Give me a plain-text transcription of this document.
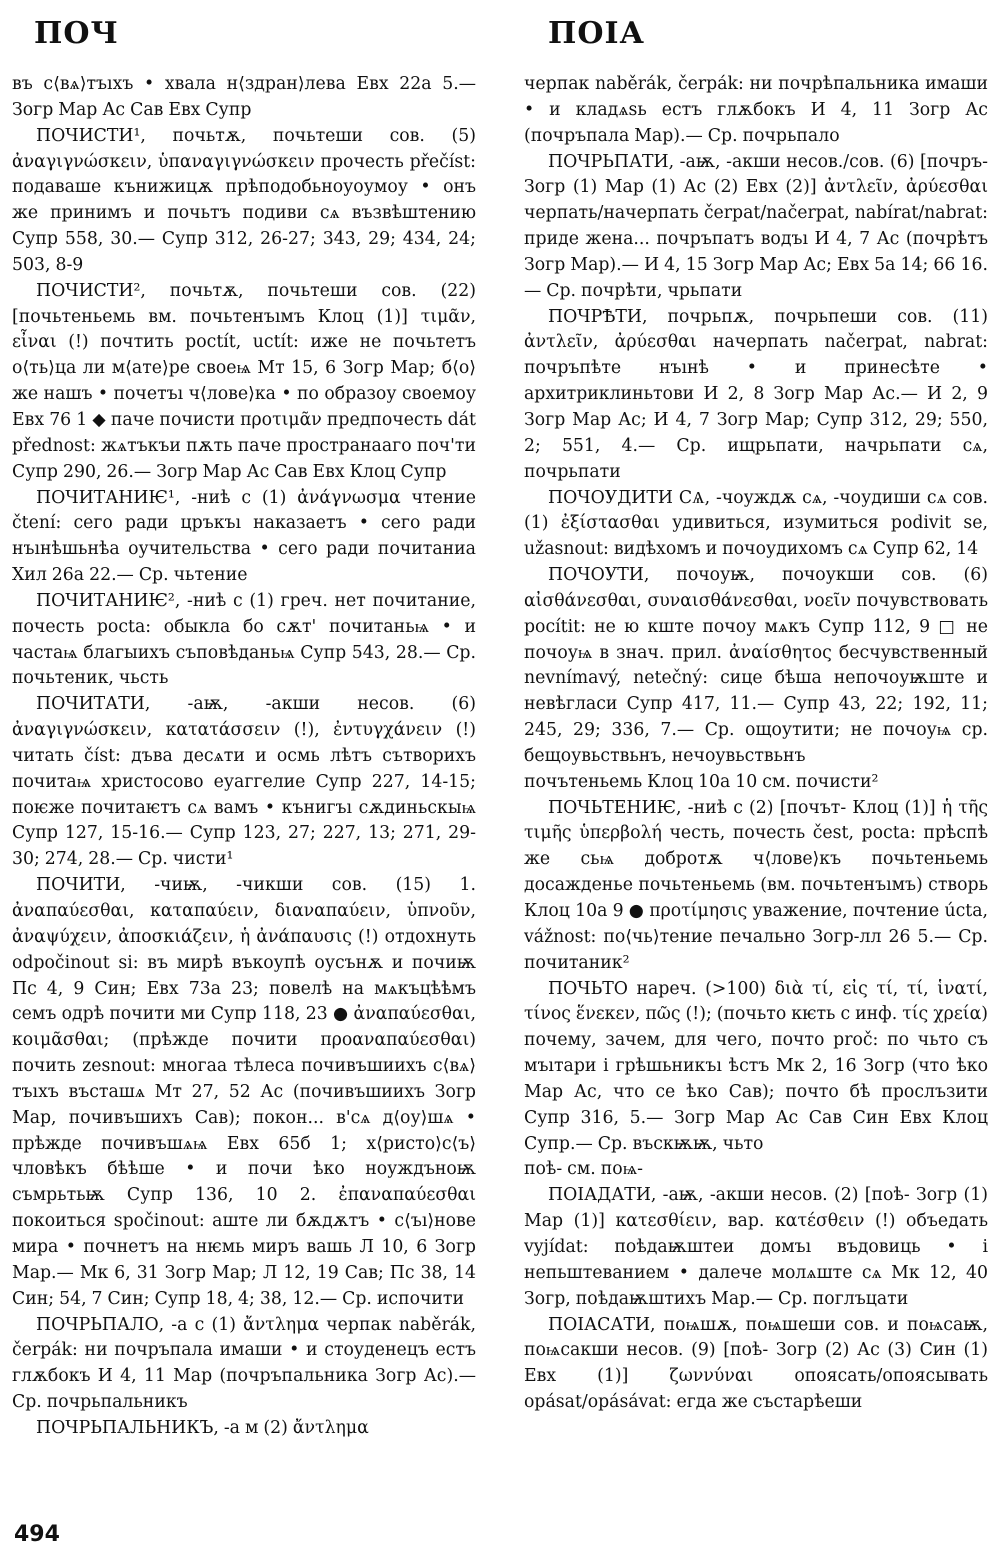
ПОЧ	ПОІА

въ с⟨вѧ⟩тъıхъ • хвала н⟨здран⟩лева Евх 22а 5.— Зогр Мар Ас Сав Евх Супр

ПОЧИСТИ¹, почьтѫ, почьтеши сов. (5) ἀναγιγνώσκειν, ὑπαναγιγνώσκειν прочесть přečíst: подаваше кънижицѫ прѣподобьноуоумоу • онъ же принимъ и почьтъ подиви сѧ възвѣштению Супр 558, 30.— Супр 312, 26-27; 343, 29; 434, 24; 503, 8-9

ПОЧИСТИ², почьтѫ, почьтеши сов. (22) [почьтеньемь вм. почьтенъıмъ Клоц (1)] τιμᾶν, εἶναι (!) почтить poctít, uctít: иже не почьтетъ о⟨ть⟩ца ли м⟨ате⟩ре своеѩ Мт 15, 6 Зогр Мар; б⟨о⟩же нашъ • почетъı ч⟨лове⟩ка • по образоу своемоу Евх 76 1 ◆ паче почисти προτιμᾶν предпочесть dát přednost: жѧтъкъи пѫть паче пространааго поч'ти Супр 290, 26.— Зогр Мар Ас Сав Евх Клоц Супр

ПОЧИТАНИѤ¹, -ниѣ с (1) ἀνάγνωσμα чтение čtení: сего ради цръкъı наказаетъ • сего ради нъıнѣшьнѣа оучительства • сего ради почитаниа Хил 26а 22.— Ср. чьтение

ПОЧИТАНИѤ², -ниѣ с (1) греч. нет почитание, почесть pocta: обыкла бо сѫт' почитаньѩ • и частаѩ благыихъ съповѣданьѩ Супр 543, 28.— Ср. почьтеник, чьсть

ПОЧИТАТИ, -аѭ, -акши несов. (6) ἀναγιγνώσκειν, κατατάσσειν (!), ἐντυγχάνειν (!) читать číst: дъва десѧти и осмь лѣтъ сътворихъ почитаѩ христосово еуаггелие Супр 227, 14-15; поѥже почитаѥтъ сѧ вамъ • кънигъı сѫдиньскыѩ Супр 127, 15-16.— Супр 123, 27; 227, 13; 271, 29-30; 274, 28.— Ср. чисти¹

ПОЧИТИ, -чиѭ, -чикши сов. (15) 1. ἀναπαύεσθαι, καταπαύειν, διαναπαύειν, ὑπνοῦν, ἀναψύχειν, ἀποσκιάζειν, ἡ ἀνάπαυσις (!) отдохнуть odpočinout si: въ мирѣ въкоупѣ оусънѫ и почиѭ Пс 4, 9 Син; Евх 73а 23; повелѣ на мѧкъцѣѣмъ семъ одрѣ почити ми Супр 118, 23 ● ἀναπαύεσθαι, κοιμᾶσθαι; (прѣжде почити προαναπαύεσθαι) почить zesnout: многаа тѣлеса почивъшиихъ с⟨вѧ⟩тъıхъ въсташѧ Мт 27, 52 Ас (почивъшиихъ Зогр Мар, почивъшихъ Сав); покон... в'сѧ д⟨оу⟩шѧ • прѣжде почивъшѧѩ Евх 65б 1; х⟨ристо⟩с⟨ъ⟩ чловѣкъ бѣѣше • и почи ѣко ноуждъноѭ съмрьтьѭ Супр 136, 10 2. ἐπαναπαύεσθαι покоиться spočinout: аште ли бѫдѫтъ • с⟨ъı⟩нове мира • почнетъ на нѥмь миръ вашь Л 10, 6 Зогр Мар.— Мк 6, 31 Зогр Мар; Л 12, 19 Сав; Пс 38, 14 Син; 54, 7 Син; Супр 18, 4; 38, 12.— Ср. испочити

ПОЧРЬПАЛО, -а с (1) ἄντλημα черпак naběrák, čerpák: ни почръпала имаши • и стоуденецъ естъ глѫбокъ И 4, 11 Мар (почръпальника Зогр Ас).— Ср. почрьпальникъ

ПОЧРЬПАЛЬНИКЪ, -а м (2) ἄντλημα

черпак naběrák, čerpák: ни почрѣпальника имаши • и кладѧѕь естъ глѫбокъ И 4, 11 Зогр Ас (почръпала Мар).— Ср. почрьпало

ПОЧРЬПАТИ, -аѭ, -акши несов./сов. (6) [почръ- Зогр (1) Мар (1) Ас (2) Евх (2)] ἀντλεῖν, ἀρύεσθαι черпать/начерпать čerpat/načerpat, nabírat/nabrat: приде жена... почръпатъ водъı И 4, 7 Ас (почрѣтъ Зогр Мар).— И 4, 15 Зогр Мар Ас; Евх 5а 14; 66 16.— Ср. почрѣти, чрьпати

ПОЧРѢТИ, почрьпѫ, почрьпеши сов. (11) ἀντλεῖν, ἀρύεσθαι начерпать načerpat, nabrat: почръпѣте нъıнѣ • и принесѣте • архитриклиньтови И 2, 8 Зогр Мар Ас.— И 2, 9 Зогр Мар Ас; И 4, 7 Зогр Мар; Супр 312, 29; 550, 2; 551, 4.— Ср. ищрьпати, начрьпати сѧ, почрьпати

ПОЧОУДИТИ СѦ, -чоуждѫ сѧ, -чоудиши сѧ сов. (1) ἐξίστασθαι удивиться, изумиться podivit se, užasnout: видѣхомъ и почоудихомъ сѧ Супр 62, 14

ПОЧОУТИ, почоуѭ, почоукши сов. (6) αἰσθάνεσθαι, συναισθάνεσθαι, νοεῖν почувствовать pocítit: не ю кште почоу мѧкъ Супр 112, 9 □ не почоуѩ в знач. прил. ἀναίσθητος бесчувственный nevnímavý, netečný: сице бѣша непочоуѭште и невѣгласи Супр 417, 11.— Супр 43, 22; 192, 11; 245, 29; 336, 7.— Ср. ощоутити; не почоуѩ ср. бещоувьствьнъ, нечоувьствьнъ

почътеньемь Клоц 10а 10 см. почисти²

ПОЧЬТЕНИѤ, -ниѣ с (2) [почът- Клоц (1)] ἡ τῆς τιμῆς ὑπερβολή честь, почесть čest, pocta: прѣспѣ же сьѩ добротѫ ч⟨лове⟩къ почьтеньемь досажденье почьтеньемь (вм. почьтенъıмъ) створь Клоц 10а 9 ● προτίμησις уважение, почтение úcta, vážnost: по⟨чь⟩тение печально Зогр-лл 26 5.— Ср. почитаник²

ПОЧЬТО нареч. (>100) διὰ τί, εἰς τί, τί, ἱνατί, τίνος ἕνεκεν, πῶς (!); (почьто кѥть с инф. τίς χρεία) почему, зачем, для чего, почто proč: по чьто съ мъıтари і грѣшьникъı ѣстъ Мк 2, 16 Зогр (что ѣко Мар Ас, что се ѣко Сав); почто бѣ прослъзити Супр 316, 5.— Зогр Мар Ас Сав Син Евх Клоц Супр.— Ср. въскѭѭ, чьто

поѣ- см. поѩ-

ПОІАДАТИ, -аѭ, -акши несов. (2) [поѣ- Зогр (1) Мар (1)] κατεσθίειν, вар. κατέσθειν (!) объедать vyjídat: поѣдаѭштеи домъı въдовиць • і непьштеванием • далече молѧште сѧ Мк 12, 40 Зогр, поѣдаѭштихъ Мар.— Ср. поглъцати

ПОІАСАТИ, поѩшѫ, поѩшеши сов. и поѩсаѭ, поѩсакши несов. (9) [поѣ- Зогр (2) Ас (3) Син (1) Евх (1)] ζωννύναι опоясать/опоясывать opásat/opásávat: егда же състарѣеши

494
